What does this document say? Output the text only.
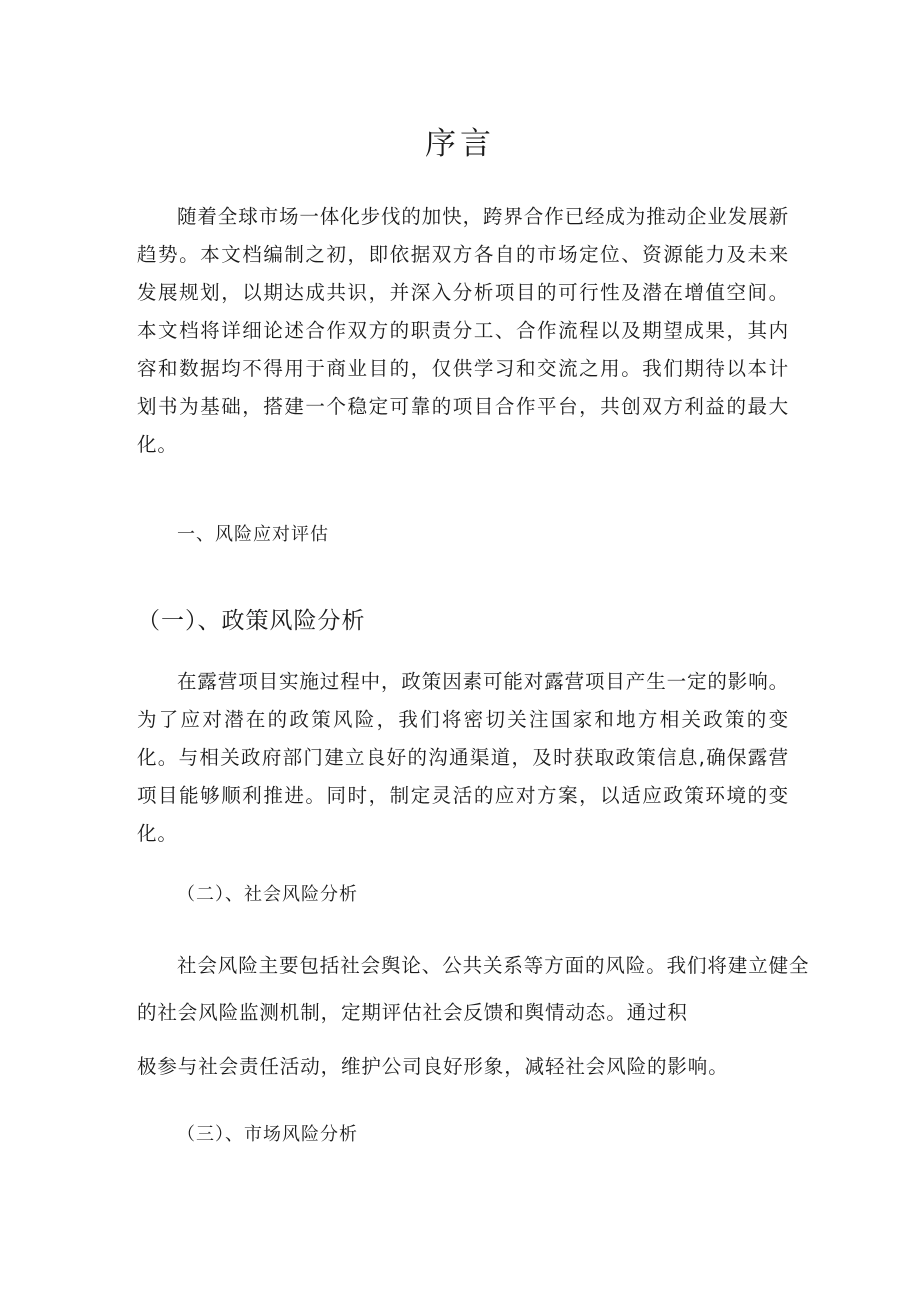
序言

随着全球市场一体化步伐的加快，跨界合作已经成为推动企业发展新趋势。本文档编制之初，即依据双方各自的市场定位、资源能力及未来发展规划，以期达成共识，并深入分析项目的可行性及潜在增值空间。本文档将详细论述合作双方的职责分工、合作流程以及期望成果，其内容和数据均不得用于商业目的，仅供学习和交流之用。我们期待以本计划书为基础，搭建一个稳定可靠的项目合作平台，共创双方利益的最大化。

一、风险应对评估
（一）、政策风险分析

在露营项目实施过程中，政策因素可能对露营项目产生一定的影响。为了应对潜在的政策风险，我们将密切关注国家和地方相关政策的变化。与相关政府部门建立良好的沟通渠道，及时获取政策信息,确保露营项目能够顺利推进。同时，制定灵活的应对方案，以适应政策环境的变化。

（二）、社会风险分析

社会风险主要包括社会舆论、公共关系等方面的风险。我们将建立健全

的社会风险监测机制，定期评估社会反馈和舆情动态。通过积

极参与社会责任活动，维护公司良好形象，减轻社会风险的影响。

（三）、市场风险分析
